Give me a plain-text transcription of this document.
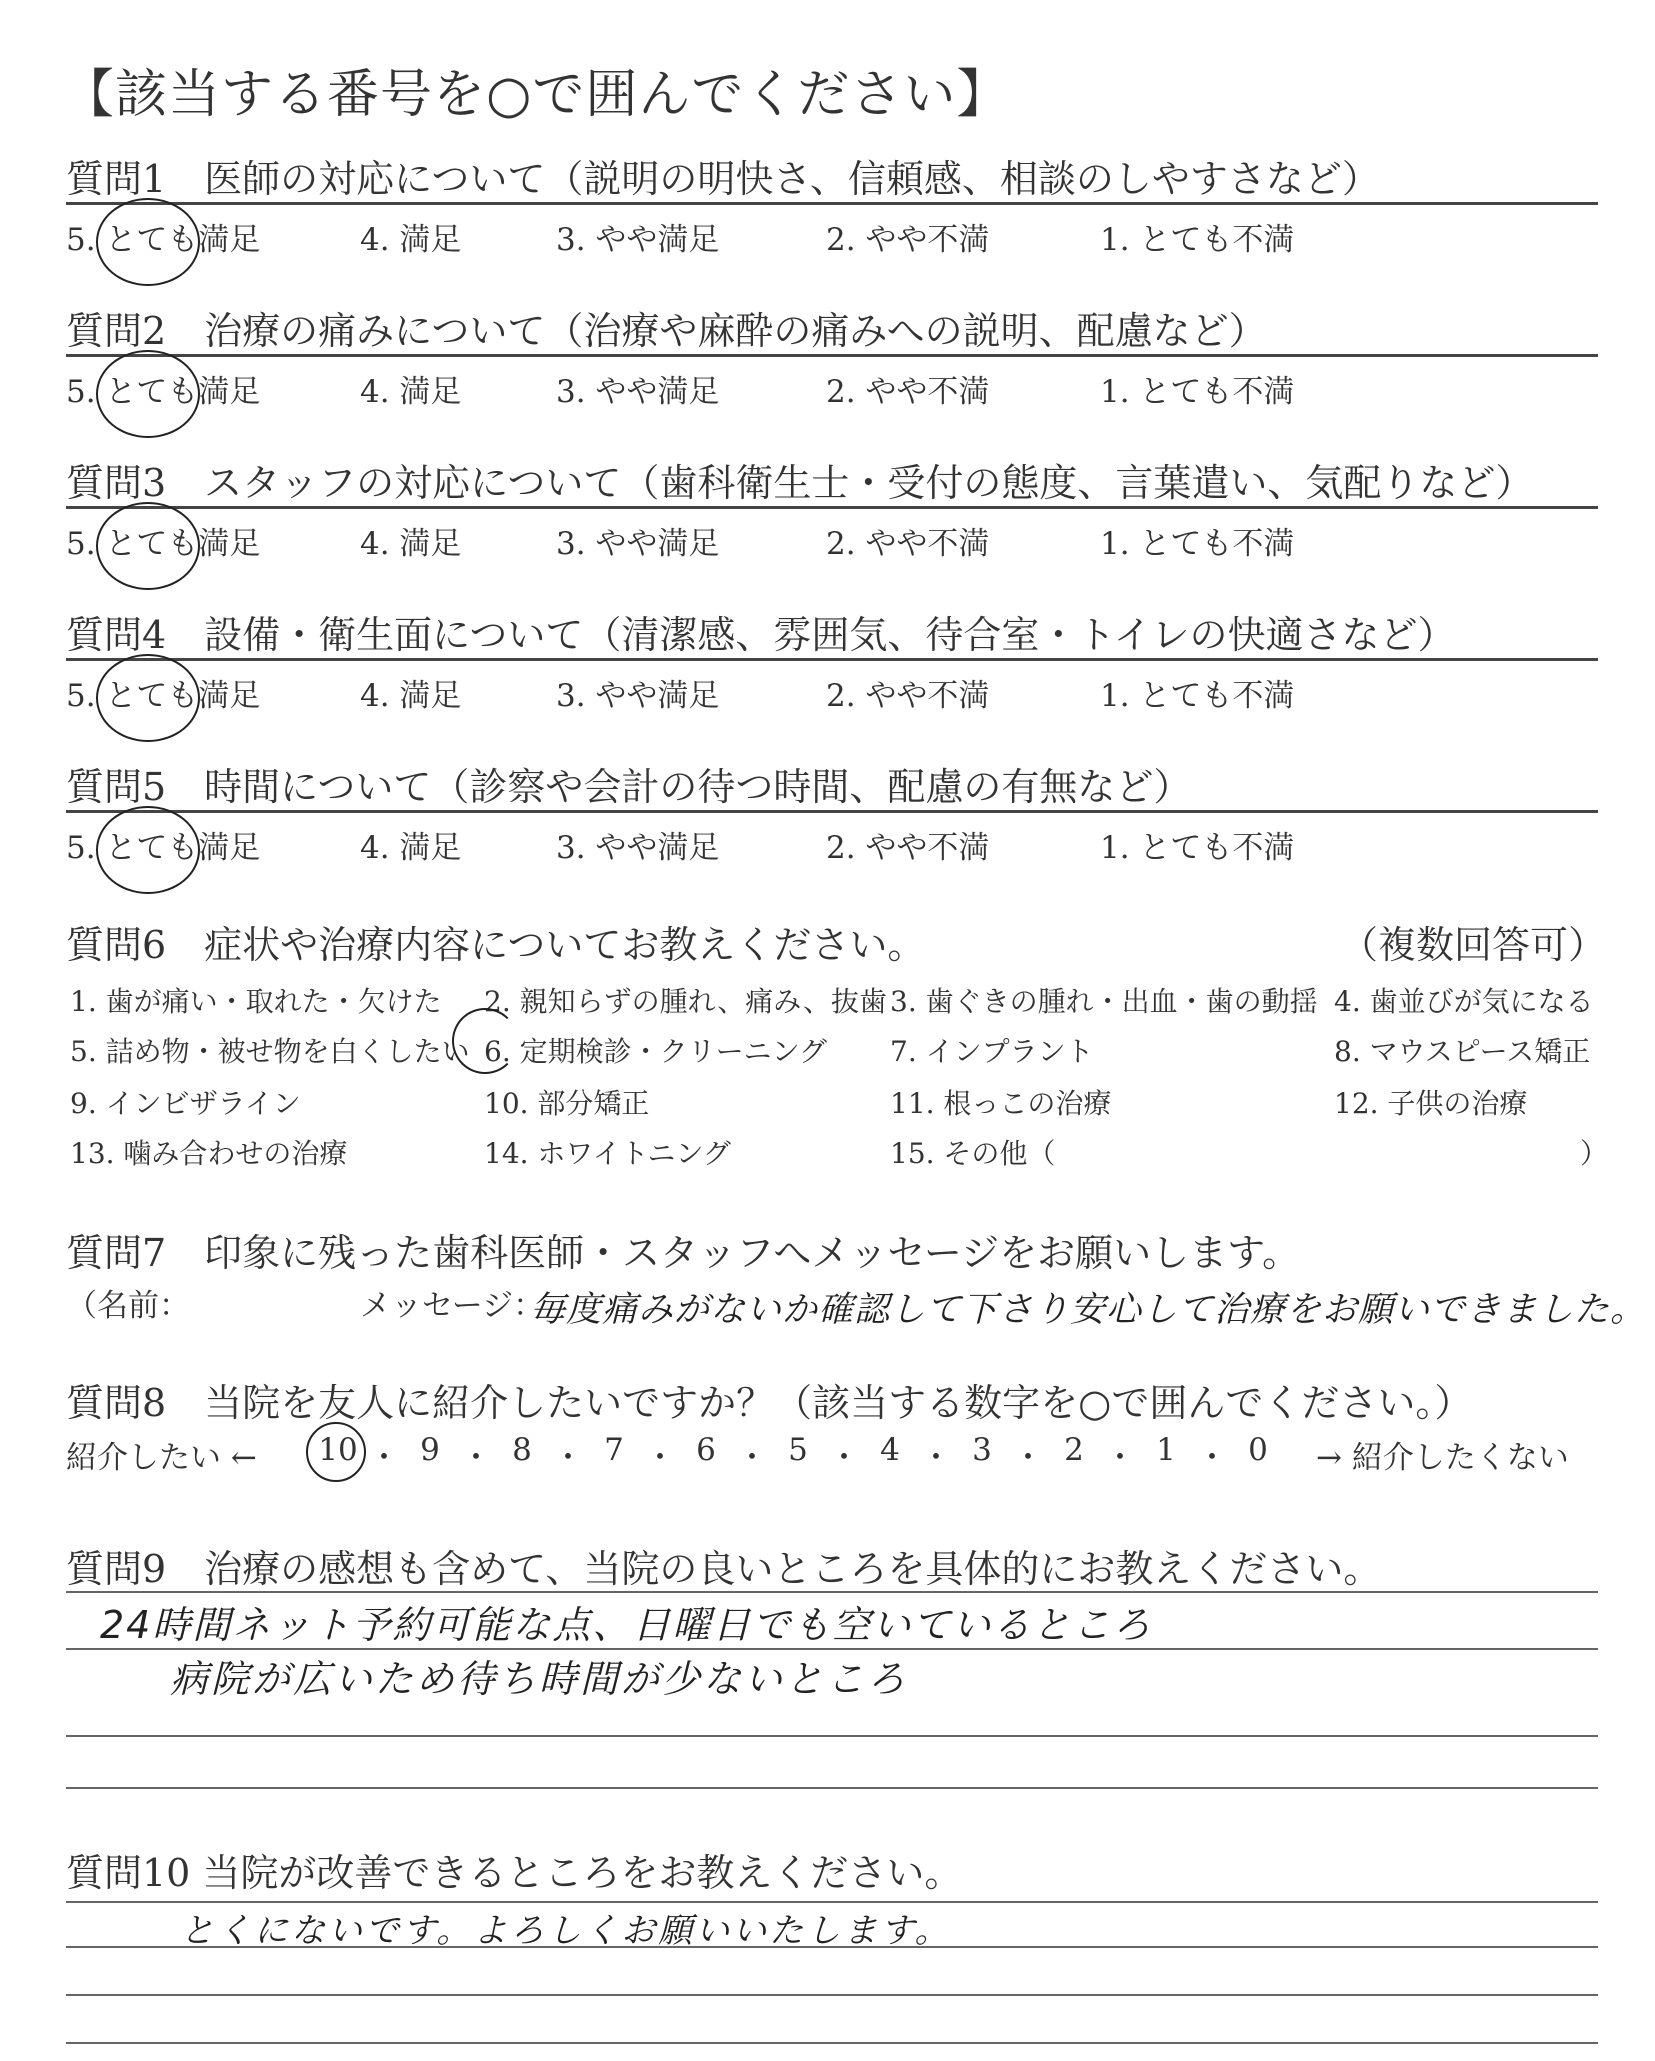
【該当する番号を○で囲んでください】
質問1　医師の対応について（説明の明快さ、信頼感、相談のしやすさなど）
5. とても満足	4. 満足	3. やや満足	2. やや不満	1. とても不満
質問2　治療の痛みについて（治療や麻酔の痛みへの説明、配慮など）
5. とても満足	4. 満足	3. やや満足	2. やや不満	1. とても不満
質問3　スタッフの対応について（歯科衛生士・受付の態度、言葉遣い、気配りなど）
5. とても満足	4. 満足	3. やや満足	2. やや不満	1. とても不満
質問4　設備・衛生面について（清潔感、雰囲気、待合室・トイレの快適さなど）
5. とても満足	4. 満足	3. やや満足	2. やや不満	1. とても不満
質問5　時間について（診察や会計の待つ時間、配慮の有無など）
5. とても満足	4. 満足	3. やや満足	2. やや不満	1. とても不満
質問6　症状や治療内容についてお教えください。	（複数回答可）
1. 歯が痛い・取れた・欠けた 2. 親知らずの腫れ、痛み、抜歯 3. 歯ぐきの腫れ・出血・歯の動揺 4. 歯並びが気になる
5. 詰め物・被せ物を白くしたい 6. 定期検診・クリーニング 7. インプラント	8. マウスピース矯正
9. インビザライン	10. 部分矯正	11. 根っこの治療	12. 子供の治療
13. 噛み合わせの治療	14. ホワイトニング	15. その他（	）
質問7　印象に残った歯科医師・スタッフへメッセージをお願いします。
（名前：	メッセージ：
毎度痛みがないか確認して下さり安心して治療をお願いできました。
質問8　当院を友人に紹介したいですか？（該当する数字を○で囲んでください。）
紹介したい ← 10 ・ 9 ・ 8 ・ 7 ・ 6 ・ 5 ・ 4 ・ 3 ・ 2 ・ 1 ・ 0	→ 紹介したくない
質問9　治療の感想も含めて、当院の良いところを具体的にお教えください。
24時間ネット予約可能な点、日曜日でも空いているところ
病院が広いため待ち時間が少ないところ
質問10 当院が改善できるところをお教えください。
とくにないです。よろしくお願いいたします。
